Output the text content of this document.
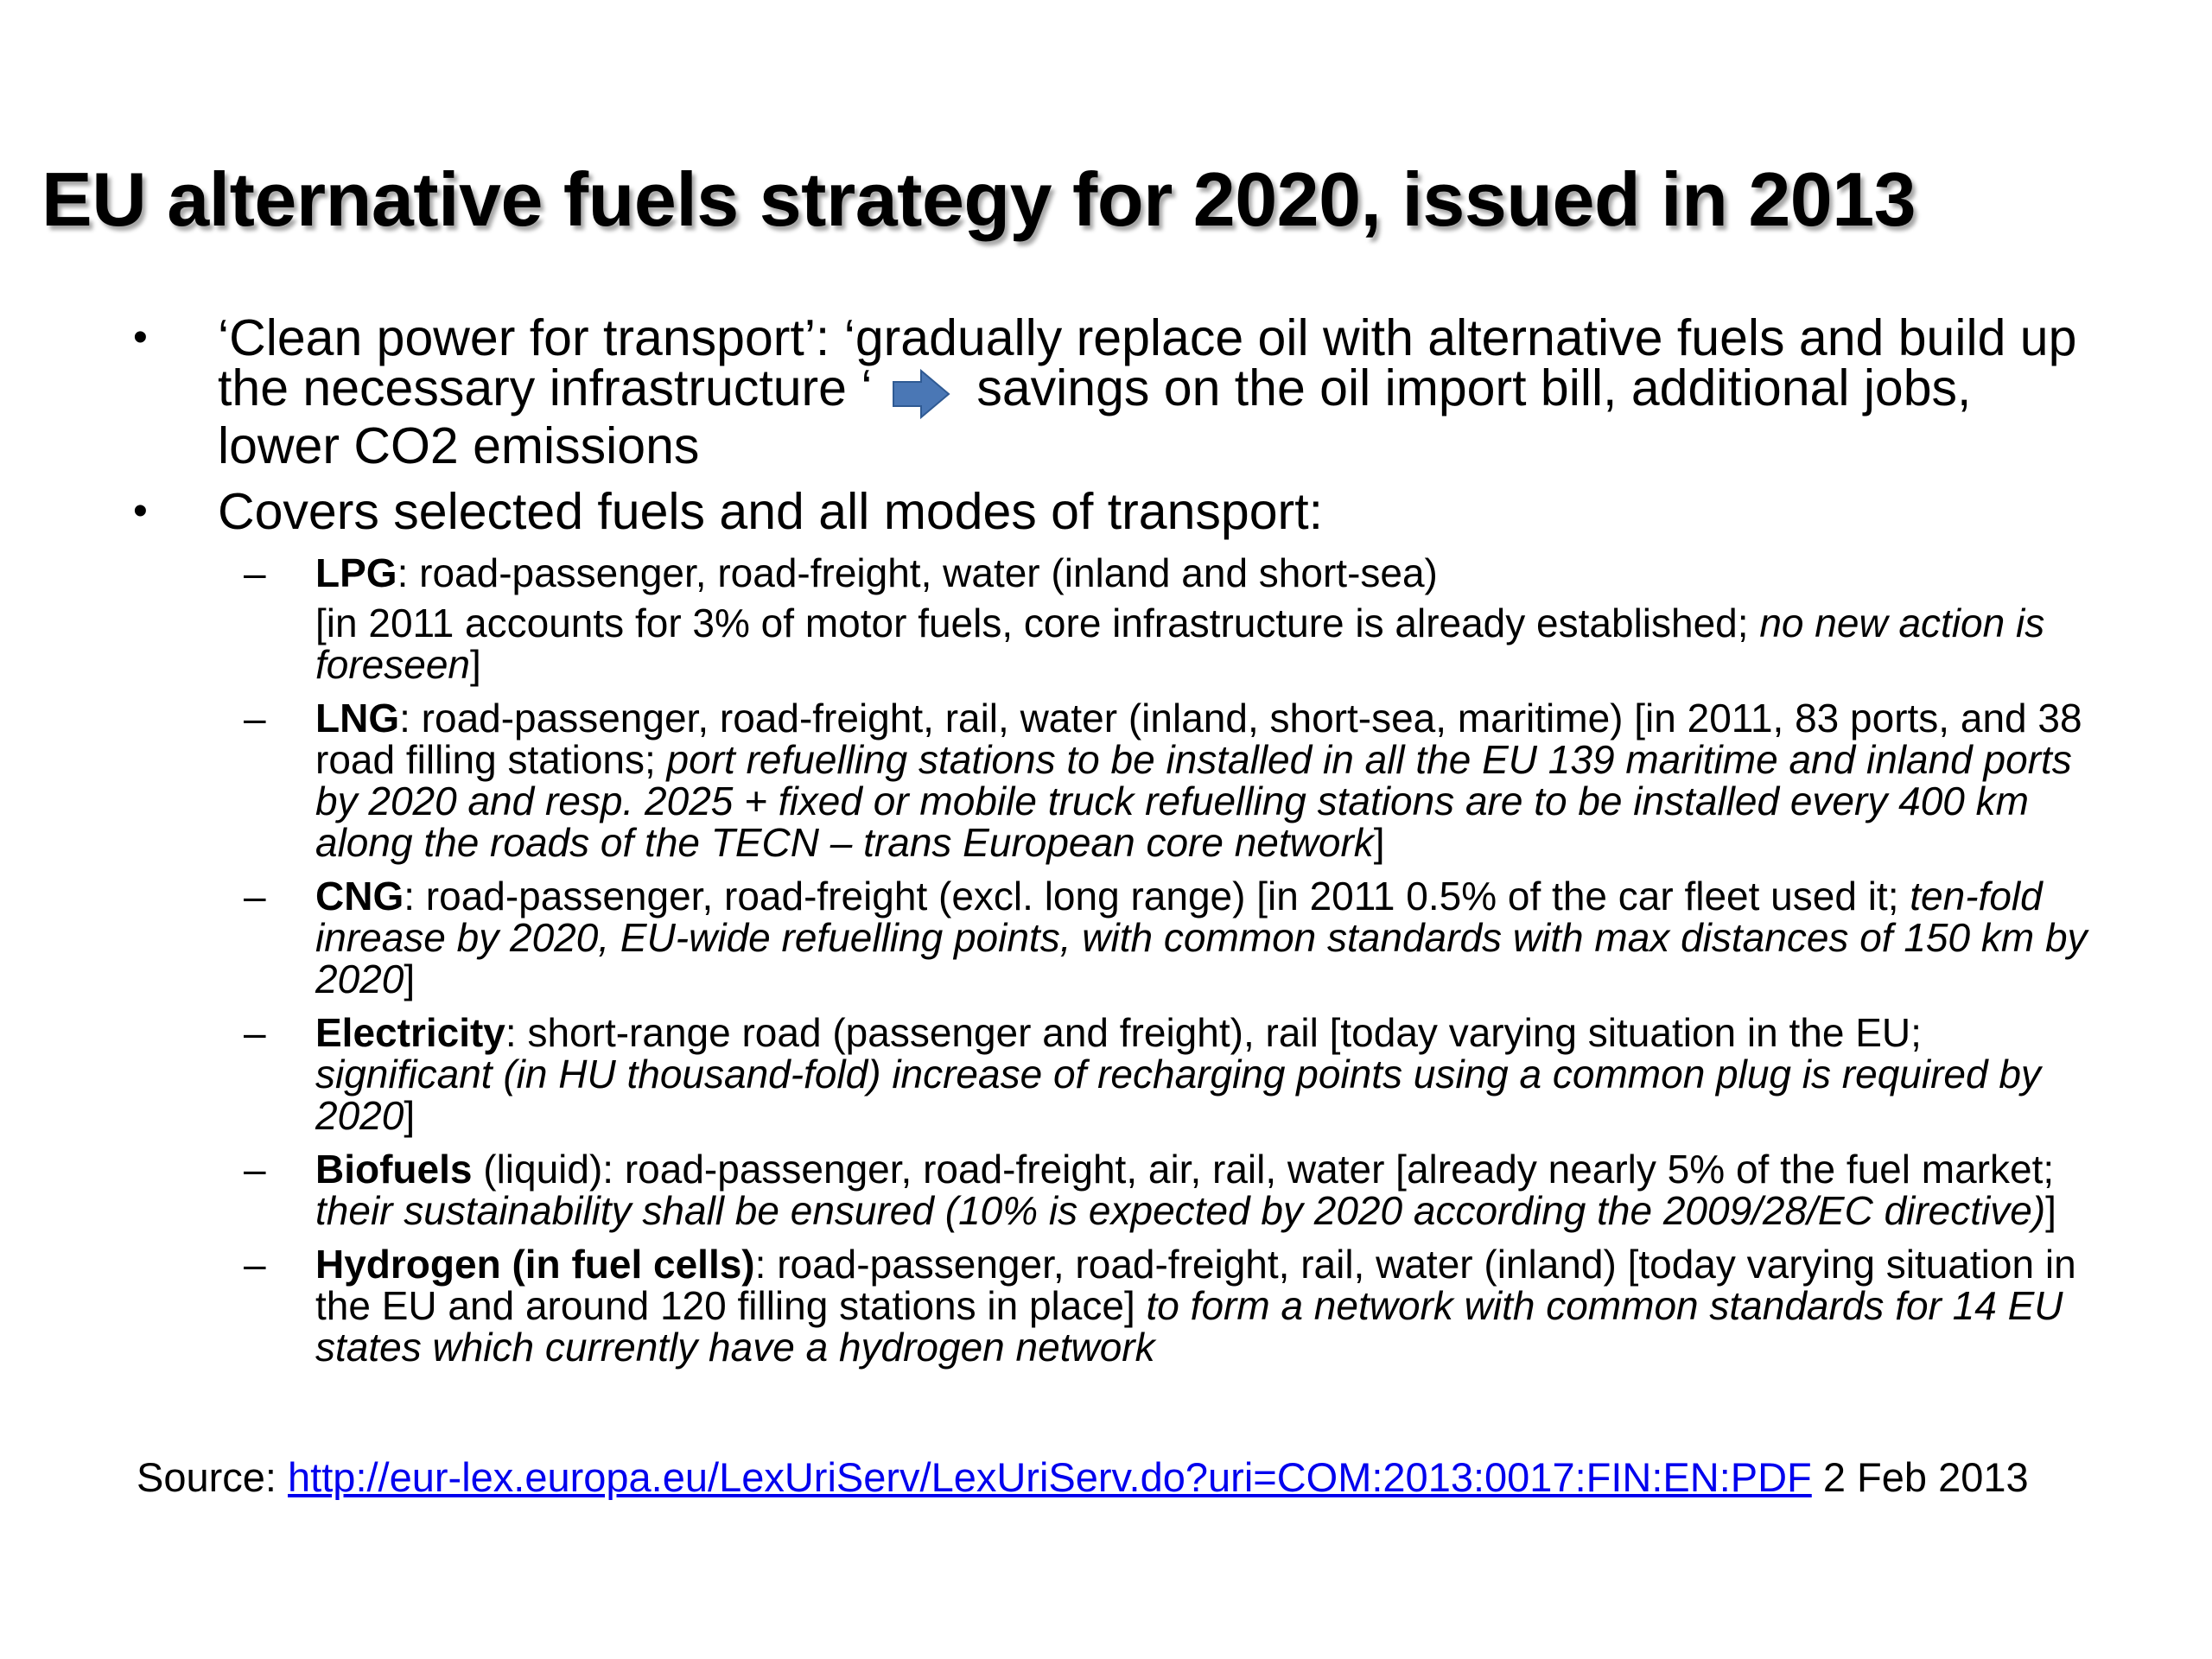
EU alternative fuels strategy for 2020, issued in 2013
• ‘Clean power for transport’: ‘gradually replace oil with alternative fuels and build up the necessary infrastructure ‘ savings on the oil import bill, additional jobs, lower CO2 emissions
• Covers selected fuels and all modes of transport:
– LPG: road-passenger, road-freight, water (inland and short-sea)
[in 2011 accounts for 3% of motor fuels, core infrastructure is already established; no new action is foreseen]
– LNG: road-passenger, road-freight, rail, water (inland, short-sea, maritime) [in 2011, 83 ports, and 38 road filling stations; port refuelling stations to be installed in all the EU 139 maritime and inland ports by 2020 and resp. 2025 + fixed or mobile truck refuelling stations are to be installed every 400 km along the roads of the TECN – trans European core network]
– CNG: road-passenger, road-freight (excl. long range) [in 2011 0.5% of the car fleet used it; ten-fold inrease by 2020, EU-wide refuelling points, with common standards with max distances of 150 km by 2020]
– Electricity: short-range road (passenger and freight), rail [today varying situation in the EU; significant (in HU thousand-fold) increase of recharging points using a common plug is required by 2020]
– Biofuels (liquid): road-passenger, road-freight, air, rail, water [already nearly 5% of the fuel market; their sustainability shall be ensured (10% is expected by 2020 according the 2009/28/EC directive)]
– Hydrogen (in fuel cells): road-passenger, road-freight, rail, water (inland) [today varying situation in the EU and around 120 filling stations in place] to form a network with common standards for 14 EU states which currently have a hydrogen network
Source: http://eur-lex.europa.eu/LexUriServ/LexUriServ.do?uri=COM:2013:0017:FIN:EN:PDF 2 Feb 2013
